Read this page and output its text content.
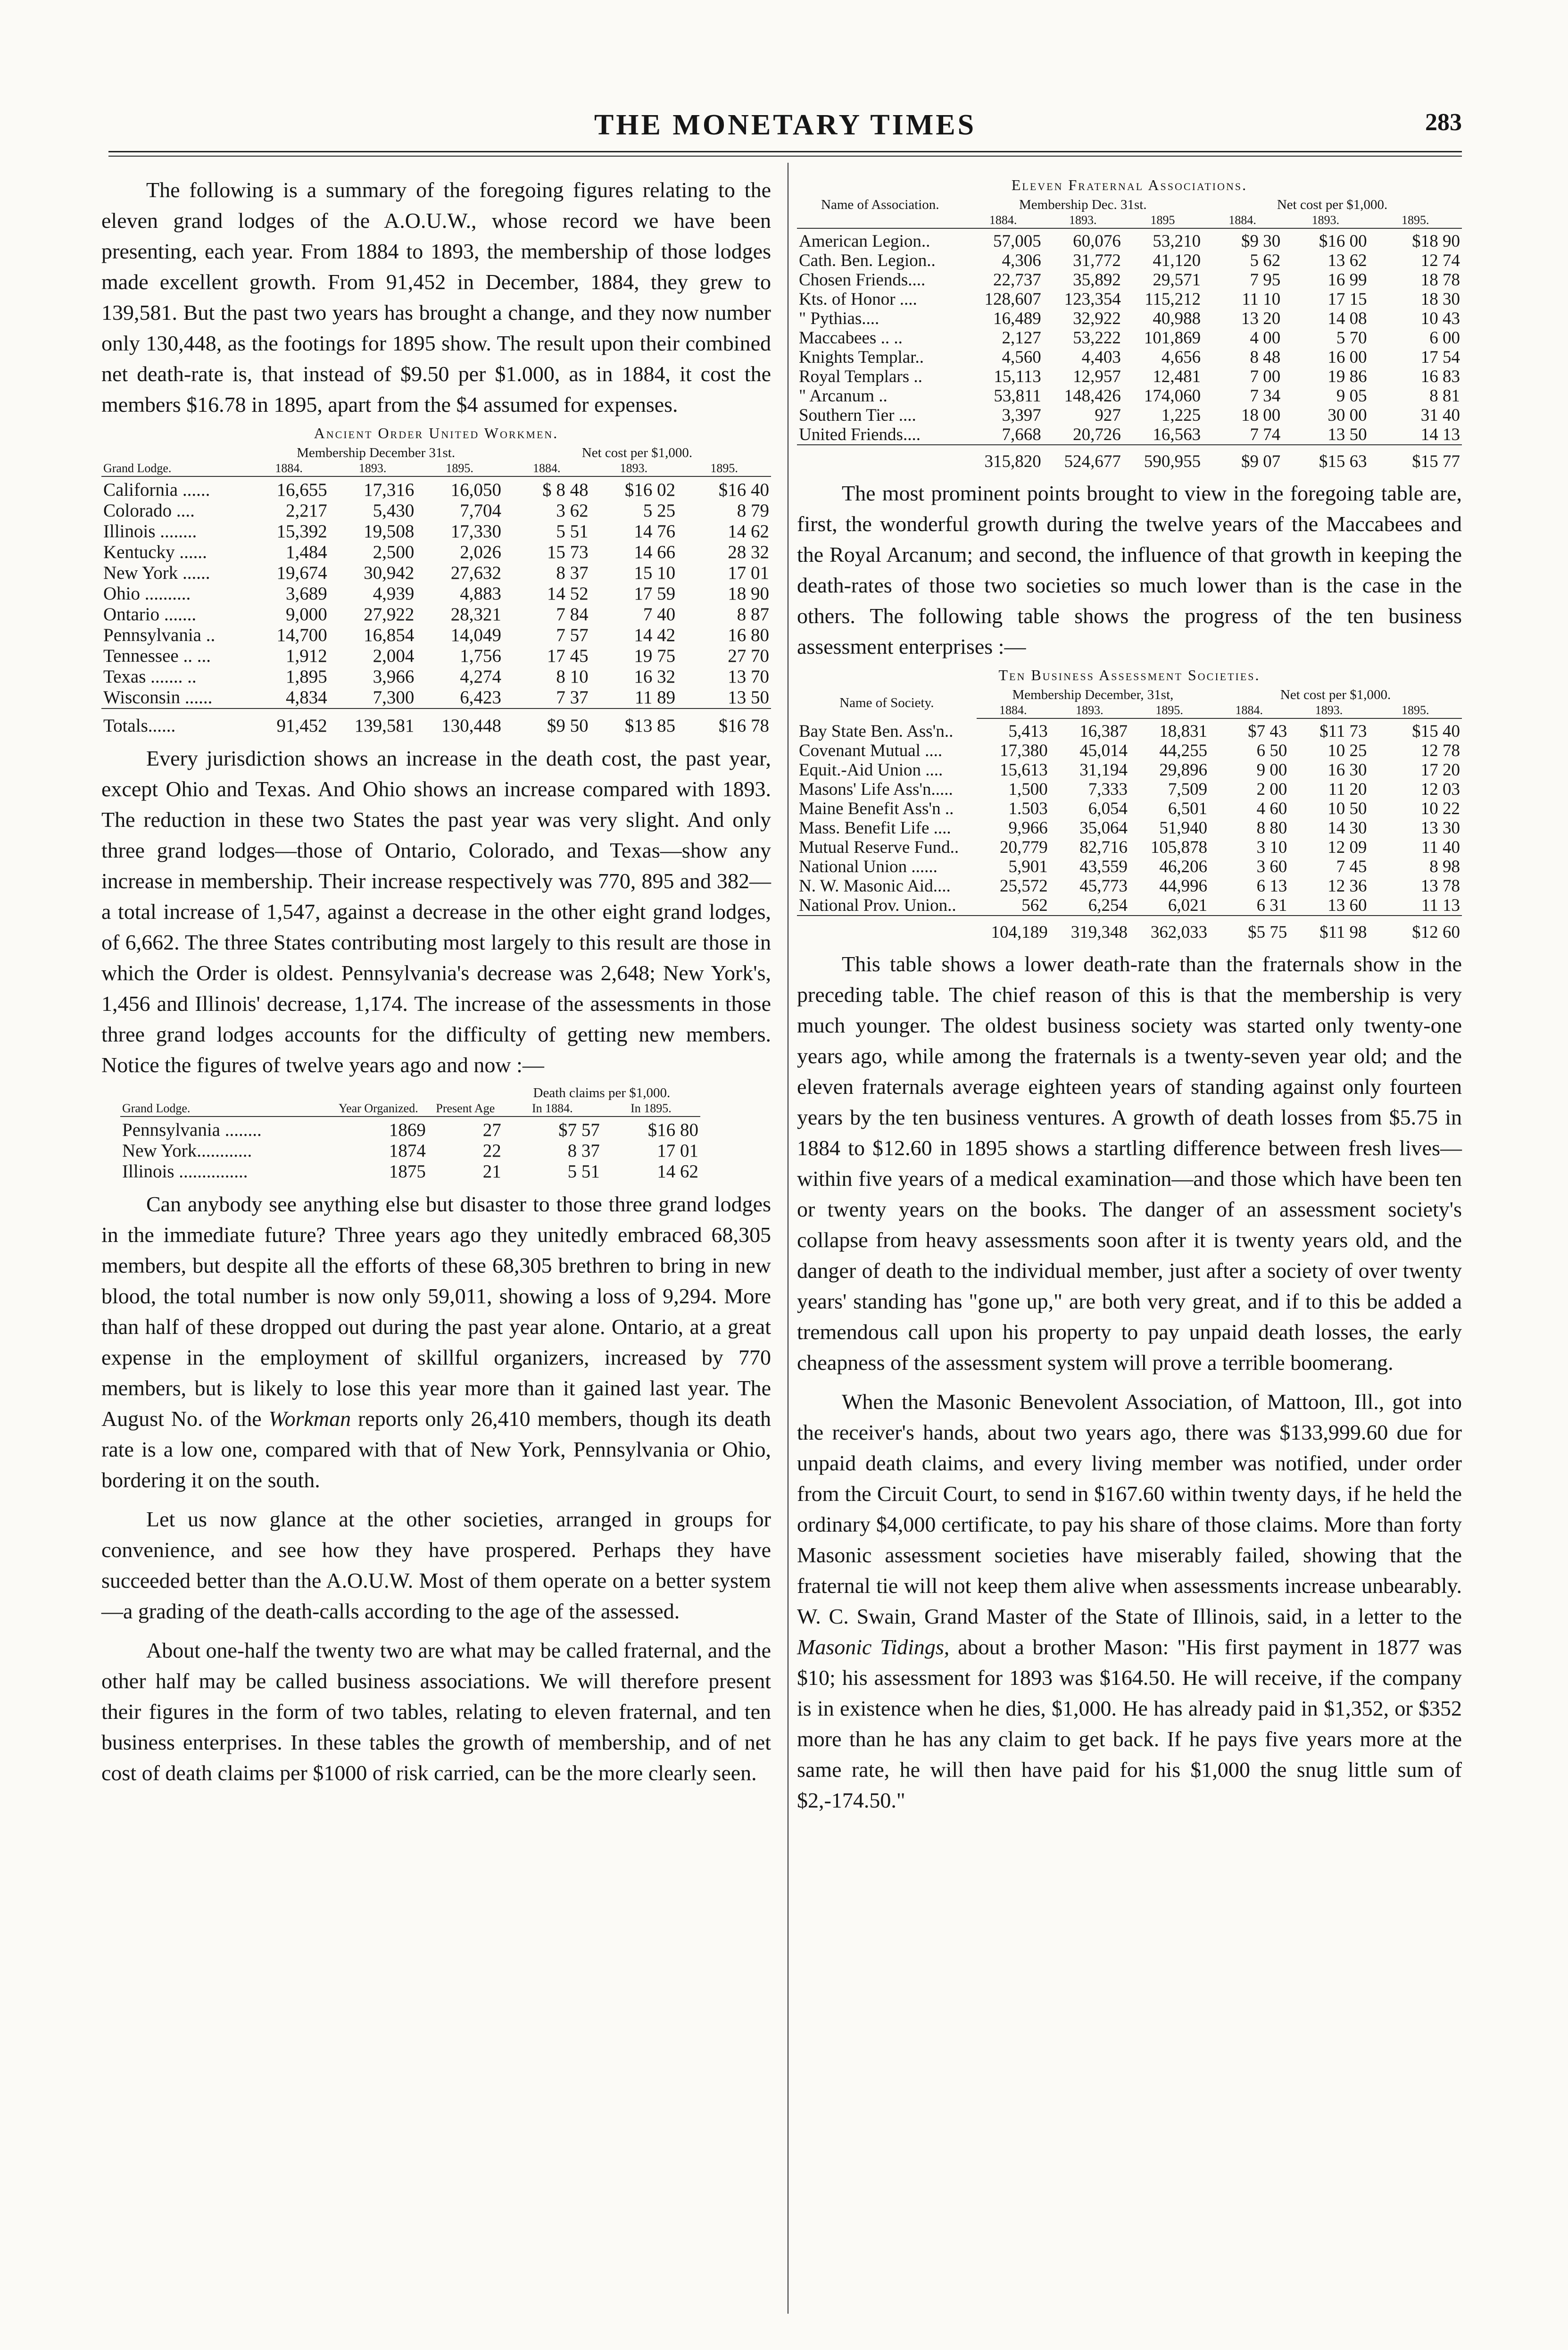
THE MONETARY TIMES	283

The following is a summary of the foregoing figures relating to the eleven grand lodges of the A.O.U.W., whose record we have been presenting, each year. From 1884 to 1893, the membership of those lodges made excellent growth. From 91,452 in December, 1884, they grew to 139,581. But the past two years has brought a change, and they now number only 130,448, as the footings for 1895 show. The result upon their combined net death-rate is, that instead of $9.50 per $1.000, as in 1884, it cost the members $16.78 in 1895, apart from the $4 assumed for expenses.

Ancient Order United Workmen.
	Membership December 31st.			Net cost per $1,000.		
Grand Lodge.	1884.	1893.	1895.	1884.	1893.	1895.
California ......	16,655	17,316	16,050	$ 8 48	$16 02	$16 40
Colorado ....	2,217	5,430	7,704	3 62	5 25	8 79
Illinois ........	15,392	19,508	17,330	5 51	14 76	14 62
Kentucky ......	1,484	2,500	2,026	15 73	14 66	28 32
New York ......	19,674	30,942	27,632	8 37	15 10	17 01
Ohio ..........	3,689	4,939	4,883	14 52	17 59	18 90
Ontario .......	9,000	27,922	28,321	7 84	7 40	8 87
Pennsylvania ..	14,700	16,854	14,049	7 57	14 42	16 80
Tennessee .. ...	1,912	2,004	1,756	17 45	19 75	27 70
Texas ....... ..	1,895	3,966	4,274	8 10	16 32	13 70
Wisconsin ......	4,834	7,300	6,423	7 37	11 89	13 50
Totals......	91,452	139,581	130,448	$9 50	$13 85	$16 78

Every jurisdiction shows an increase in the death cost, the past year, except Ohio and Texas. And Ohio shows an increase compared with 1893. The reduction in these two States the past year was very slight. And only three grand lodges—those of Ontario, Colorado, and Texas—show any increase in membership. Their increase respectively was 770, 895 and 382—a total increase of 1,547, against a decrease in the other eight grand lodges, of 6,662. The three States contributing most largely to this result are those in which the Order is oldest. Pennsylvania's decrease was 2,648; New York's, 1,456 and Illinois' decrease, 1,174. The increase of the assessments in those three grand lodges accounts for the difficulty of getting new members. Notice the figures of twelve years ago and now :—

			Death claims per $1,000.	
Grand Lodge.	Year Organized.	Present Age	In 1884.	In 1895.
Pennsylvania ........	1869	27	$7 57	$16 80
New York............	1874	22	8 37	17 01
Illinois ...............	1875	21	5 51	14 62

Can anybody see anything else but disaster to those three grand lodges in the immediate future? Three years ago they unitedly embraced 68,305 members, but despite all the efforts of these 68,305 brethren to bring in new blood, the total number is now only 59,011, showing a loss of 9,294. More than half of these dropped out during the past year alone. Ontario, at a great expense in the employment of skillful organizers, increased by 770 members, but is likely to lose this year more than it gained last year. The August No. of the Workman reports only 26,410 members, though its death rate is a low one, compared with that of New York, Pennsylvania or Ohio, bordering it on the south.

Let us now glance at the other societies, arranged in groups for convenience, and see how they have prospered. Perhaps they have succeeded better than the A.O.U.W. Most of them operate on a better system—a grading of the death-calls according to the age of the assessed.

About one-half the twenty two are what may be called fraternal, and the other half may be called business associations. We will therefore present their figures in the form of two tables, relating to eleven fraternal, and ten business enterprises. In these tables the growth of membership, and of net cost of death claims per $1000 of risk carried, can be the more clearly seen.

Eleven Fraternal Associations.
Name of Association.	Membership Dec. 31st.			Net cost per $1,000.		
	1884.	1893.	1895	1884.	1893.	1895.
American Legion..	57,005	60,076	53,210	$9 30	$16 00	$18 90
Cath. Ben. Legion..	4,306	31,772	41,120	5 62	13 62	12 74
Chosen Friends....	22,737	35,892	29,571	7 95	16 99	18 78
Kts. of Honor ....	128,607	123,354	115,212	11 10	17 15	18 30
" Pythias....	16,489	32,922	40,988	13 20	14 08	10 43
Maccabees .. ..	2,127	53,222	101,869	4 00	5 70	6 00
Knights Templar..	4,560	4,403	4,656	8 48	16 00	17 54
Royal Templars ..	15,113	12,957	12,481	7 00	19 86	16 83
" Arcanum ..	53,811	148,426	174,060	7 34	9 05	8 81
Southern Tier ....	3,397	927	1,225	18 00	30 00	31 40
United Friends....	7,668	20,726	16,563	7 74	13 50	14 13
	315,820	524,677	590,955	$9 07	$15 63	$15 77

The most prominent points brought to view in the foregoing table are, first, the wonderful growth during the twelve years of the Maccabees and the Royal Arcanum; and second, the influence of that growth in keeping the death-rates of those two societies so much lower than is the case in the others. The following table shows the progress of the ten business assessment enterprises :—

Ten Business Assessment Societies.
Name of Society.	Membership December, 31st,			Net cost per $1,000.		
	1884.	1893.	1895.	1884.	1893.	1895.
Bay State Ben. Ass'n..	5,413	16,387	18,831	$7 43	$11 73	$15 40
Covenant Mutual ....	17,380	45,014	44,255	6 50	10 25	12 78
Equit.-Aid Union ....	15,613	31,194	29,896	9 00	16 30	17 20
Masons' Life Ass'n.....	1,500	7,333	7,509	2 00	11 20	12 03
Maine Benefit Ass'n ..	1.503	6,054	6,501	4 60	10 50	10 22
Mass. Benefit Life ....	9,966	35,064	51,940	8 80	14 30	13 30
Mutual Reserve Fund..	20,779	82,716	105,878	3 10	12 09	11 40
National Union ......	5,901	43,559	46,206	3 60	7 45	8 98
N. W. Masonic Aid....	25,572	45,773	44,996	6 13	12 36	13 78
National Prov. Union..	562	6,254	6,021	6 31	13 60	11 13
	104,189	319,348	362,033	$5 75	$11 98	$12 60

This table shows a lower death-rate than the fraternals show in the preceding table. The chief reason of this is that the membership is very much younger. The oldest business society was started only twenty-one years ago, while among the fraternals is a twenty-seven year old; and the eleven fraternals average eighteen years of standing against only fourteen years by the ten business ventures. A growth of death losses from $5.75 in 1884 to $12.60 in 1895 shows a startling difference between fresh lives—within five years of a medical examination—and those which have been ten or twenty years on the books. The danger of an assessment society's collapse from heavy assessments soon after it is twenty years old, and the danger of death to the individual member, just after a society of over twenty years' standing has "gone up," are both very great, and if to this be added a tremendous call upon his property to pay unpaid death losses, the early cheapness of the assessment system will prove a terrible boomerang.

When the Masonic Benevolent Association, of Mattoon, Ill., got into the receiver's hands, about two years ago, there was $133,999.60 due for unpaid death claims, and every living member was notified, under order from the Circuit Court, to send in $167.60 within twenty days, if he held the ordinary $4,000 certificate, to pay his share of those claims. More than forty Masonic assessment societies have miserably failed, showing that the fraternal tie will not keep them alive when assessments increase unbearably. W. C. Swain, Grand Master of the State of Illinois, said, in a letter to the Masonic Tidings, about a brother Mason: "His first payment in 1877 was $10; his assessment for 1893 was $164.50. He will receive, if the company is in existence when he dies, $1,000. He has already paid in $1,352, or $352 more than he has any claim to get back. If he pays five years more at the same rate, he will then have paid for his $1,000 the snug little sum of $2,-174.50."
